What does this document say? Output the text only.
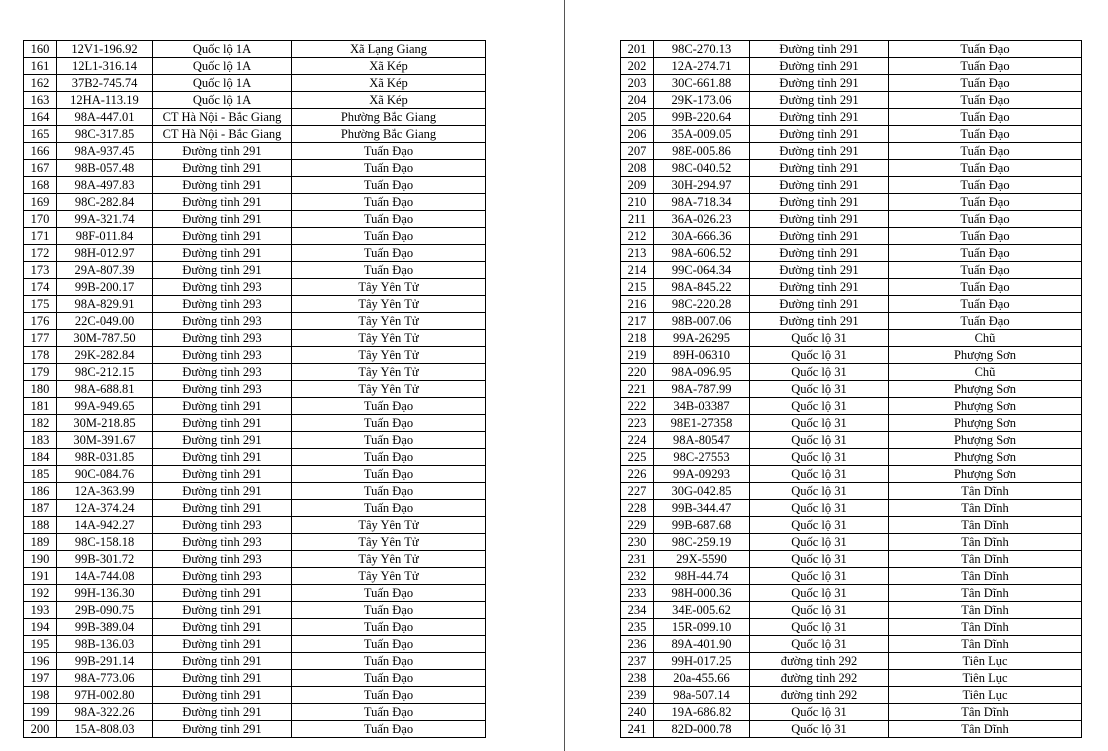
160	12V1-196.92	Quốc lộ 1A	Xã Lạng Giang
161	12L1-316.14	Quốc lộ 1A	Xã Kép
162	37B2-745.74	Quốc lộ 1A	Xã Kép
163	12HA-113.19	Quốc lộ 1A	Xã Kép
164	98A-447.01	CT Hà Nội - Bắc Giang	Phường Bắc Giang
165	98C-317.85	CT Hà Nội - Bắc Giang	Phường Bắc Giang
166	98A-937.45	Đường tỉnh 291	Tuấn Đạo
167	98B-057.48	Đường tỉnh 291	Tuấn Đạo
168	98A-497.83	Đường tỉnh 291	Tuấn Đạo
169	98C-282.84	Đường tỉnh 291	Tuấn Đạo
170	99A-321.74	Đường tỉnh 291	Tuấn Đạo
171	98F-011.84	Đường tỉnh 291	Tuấn Đạo
172	98H-012.97	Đường tỉnh 291	Tuấn Đạo
173	29A-807.39	Đường tỉnh 291	Tuấn Đạo
174	99B-200.17	Đường tỉnh 293	Tây Yên Tử
175	98A-829.91	Đường tỉnh 293	Tây Yên Tử
176	22C-049.00	Đường tỉnh 293	Tây Yên Tử
177	30M-787.50	Đường tỉnh 293	Tây Yên Tử
178	29K-282.84	Đường tỉnh 293	Tây Yên Tử
179	98C-212.15	Đường tỉnh 293	Tây Yên Tử
180	98A-688.81	Đường tỉnh 293	Tây Yên Tử
181	99A-949.65	Đường tỉnh 291	Tuấn Đạo
182	30M-218.85	Đường tỉnh 291	Tuấn Đạo
183	30M-391.67	Đường tỉnh 291	Tuấn Đạo
184	98R-031.85	Đường tỉnh 291	Tuấn Đạo
185	90C-084.76	Đường tỉnh 291	Tuấn Đạo
186	12A-363.99	Đường tỉnh 291	Tuấn Đạo
187	12A-374.24	Đường tỉnh 291	Tuấn Đạo
188	14A-942.27	Đường tỉnh 293	Tây Yên Tử
189	98C-158.18	Đường tỉnh 293	Tây Yên Tử
190	99B-301.72	Đường tỉnh 293	Tây Yên Tử
191	14A-744.08	Đường tỉnh 293	Tây Yên Tử
192	99H-136.30	Đường tỉnh 291	Tuấn Đạo
193	29B-090.75	Đường tỉnh 291	Tuấn Đạo
194	99B-389.04	Đường tỉnh 291	Tuấn Đạo
195	98B-136.03	Đường tỉnh 291	Tuấn Đạo
196	99B-291.14	Đường tỉnh 291	Tuấn Đạo
197	98A-773.06	Đường tỉnh 291	Tuấn Đạo
198	97H-002.80	Đường tỉnh 291	Tuấn Đạo
199	98A-322.26	Đường tỉnh 291	Tuấn Đạo
200	15A-808.03	Đường tỉnh 291	Tuấn Đạo
201	98C-270.13	Đường tỉnh 291	Tuấn Đạo
202	12A-274.71	Đường tỉnh 291	Tuấn Đạo
203	30C-661.88	Đường tỉnh 291	Tuấn Đạo
204	29K-173.06	Đường tỉnh 291	Tuấn Đạo
205	99B-220.64	Đường tỉnh 291	Tuấn Đạo
206	35A-009.05	Đường tỉnh 291	Tuấn Đạo
207	98E-005.86	Đường tỉnh 291	Tuấn Đạo
208	98C-040.52	Đường tỉnh 291	Tuấn Đạo
209	30H-294.97	Đường tỉnh 291	Tuấn Đạo
210	98A-718.34	Đường tỉnh 291	Tuấn Đạo
211	36A-026.23	Đường tỉnh 291	Tuấn Đạo
212	30A-666.36	Đường tỉnh 291	Tuấn Đạo
213	98A-606.52	Đường tỉnh 291	Tuấn Đạo
214	99C-064.34	Đường tỉnh 291	Tuấn Đạo
215	98A-845.22	Đường tỉnh 291	Tuấn Đạo
216	98C-220.28	Đường tỉnh 291	Tuấn Đạo
217	98B-007.06	Đường tỉnh 291	Tuấn Đạo
218	99A-26295	Quốc lộ 31	Chũ
219	89H-06310	Quốc lộ 31	Phượng Sơn
220	98A-096.95	Quốc lộ 31	Chũ
221	98A-787.99	Quốc lộ 31	Phượng Sơn
222	34B-03387	Quốc lộ 31	Phượng Sơn
223	98E1-27358	Quốc lộ 31	Phượng Sơn
224	98A-80547	Quốc lộ 31	Phượng Sơn
225	98C-27553	Quốc lộ 31	Phượng Sơn
226	99A-09293	Quốc lộ 31	Phượng Sơn
227	30G-042.85	Quốc lộ 31	Tân Dĩnh
228	99B-344.47	Quốc lộ 31	Tân Dĩnh
229	99B-687.68	Quốc lộ 31	Tân Dĩnh
230	98C-259.19	Quốc lộ 31	Tân Dĩnh
231	29X-5590	Quốc lộ 31	Tân Dĩnh
232	98H-44.74	Quốc lộ 31	Tân Dĩnh
233	98H-000.36	Quốc lộ 31	Tân Dĩnh
234	34E-005.62	Quốc lộ 31	Tân Dĩnh
235	15R-099.10	Quốc lộ 31	Tân Dĩnh
236	89A-401.90	Quốc lộ 31	Tân Dĩnh
237	99H-017.25	đường tỉnh 292	Tiên Lục
238	20a-455.66	đường tỉnh 292	Tiên Lục
239	98a-507.14	đường tỉnh 292	Tiên Lục
240	19A-686.82	Quốc lộ 31	Tân Dĩnh
241	82D-000.78	Quốc lộ 31	Tân Dĩnh
